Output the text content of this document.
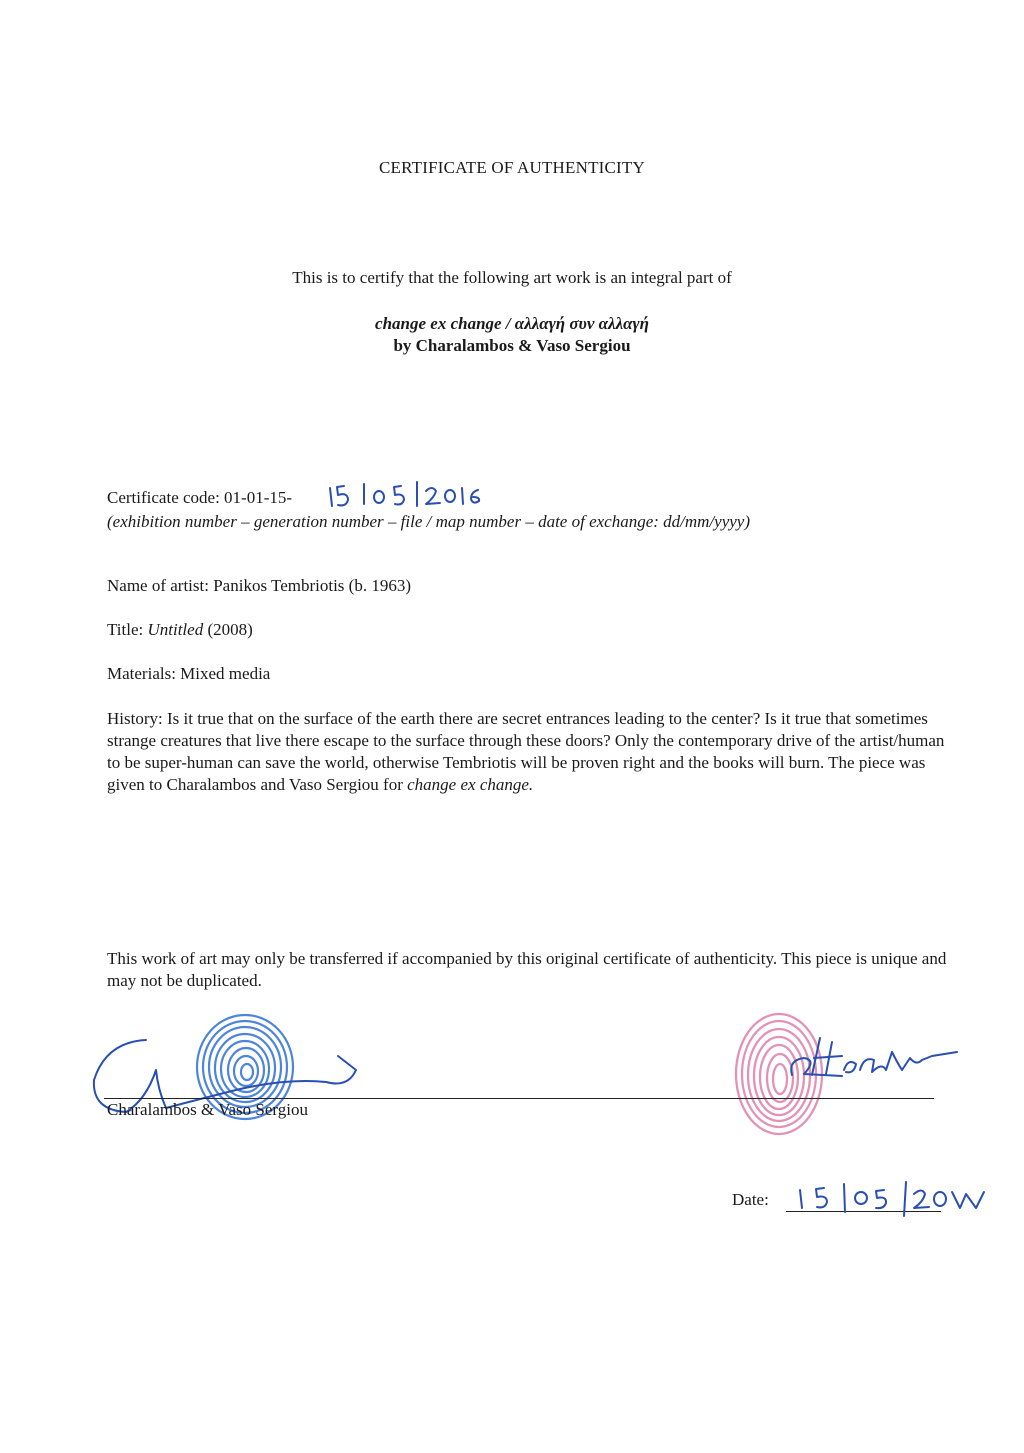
CERTIFICATE OF AUTHENTICITY
This is to certify that the following art work is an integral part of
change ex change / αλλαγή συν αλλαγή
by Charalambos & Vaso Sergiou
Certificate code: 01-01-15-
(exhibition number – generation number – file / map number – date of exchange: dd/mm/yyyy)
Name of artist: Panikos Tembriotis (b. 1963)
Title: Untitled (2008)
Materials: Mixed media
History: Is it true that on the surface of the earth there are secret entrances leading to the center? Is it true that sometimes strange creatures that live there escape to the surface through these doors? Only the contemporary drive of the artist/human to be super-human can save the world, otherwise Tembriotis will be proven right and the books will burn. The piece was given to Charalambos and Vaso Sergiou for change ex change.
This work of art may only be transferred if accompanied by this original certificate of authenticity. This piece is unique and may not be duplicated.
Charalambos & Vaso Sergiou
Date:
